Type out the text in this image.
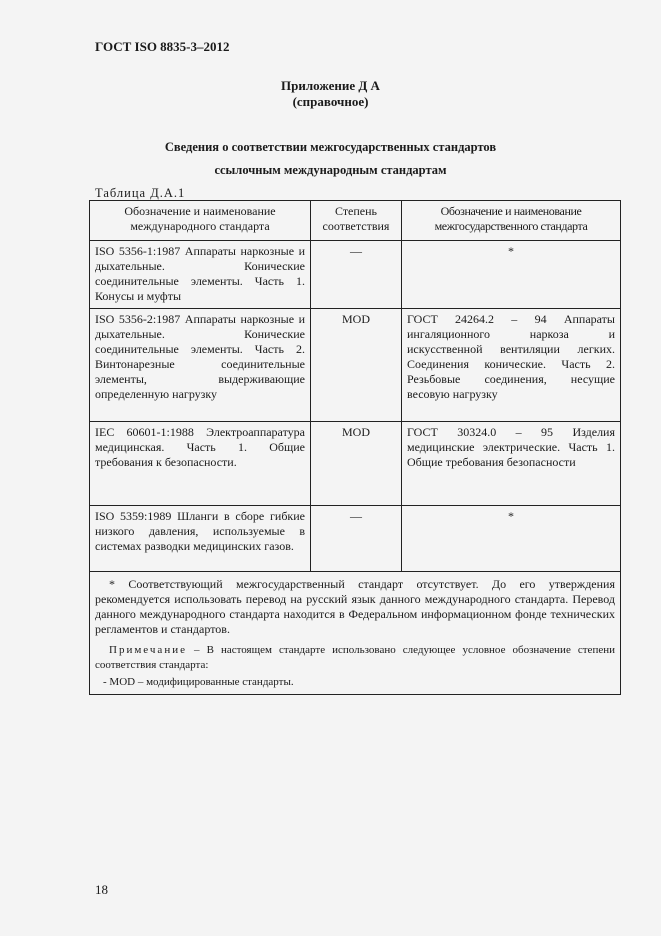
ГОСТ ISO 8835-3–2012
Приложение Д А
(справочное)
Сведения о соответствии межгосударственных стандартов
ссылочным международным стандартам
Таблица Д.А.1
Обозначение и наименование международного стандарта	Степень соответствия	Обозначение и наименование межгосударственного стандарта
ISO 5356-1:1987 Аппараты наркозные и дыхательные. Конические соединительные элементы. Часть 1. Конусы и муфты	—	*
ISO 5356-2:1987 Аппараты наркозные и дыхательные. Конические соединительные элементы. Часть 2. Винтонарезные соединительные элементы, выдерживающие определенную нагрузку	MOD	ГОСТ 24264.2 – 94 Аппараты ингаляционного наркоза и искусственной вентиляции легких. Соединения конические. Часть 2. Резьбовые соединения, несущие весовую нагрузку
IEC 60601-1:1988 Электроаппаратура медицинская. Часть 1. Общие требования к безопасности.	MOD	ГОСТ 30324.0 – 95 Изделия медицинские электрические. Часть 1. Общие требования безопасности
ISO 5359:1989 Шланги в сборе гибкие низкого давления, используемые в системах разводки медицинских газов.	—	*

* Соответствующий межгосударственный стандарт отсутствует. До его утверждения рекомендуется использовать перевод на русский язык данного международного стандарта. Перевод данного международного стандарта находится в Федеральном информационном фонде технических регламентов и стандартов.

Примечание – В настоящем стандарте использовано следующее условное обозначение степени соответствия стандарта:
- MOD – модифицированные стандарты.		
18
